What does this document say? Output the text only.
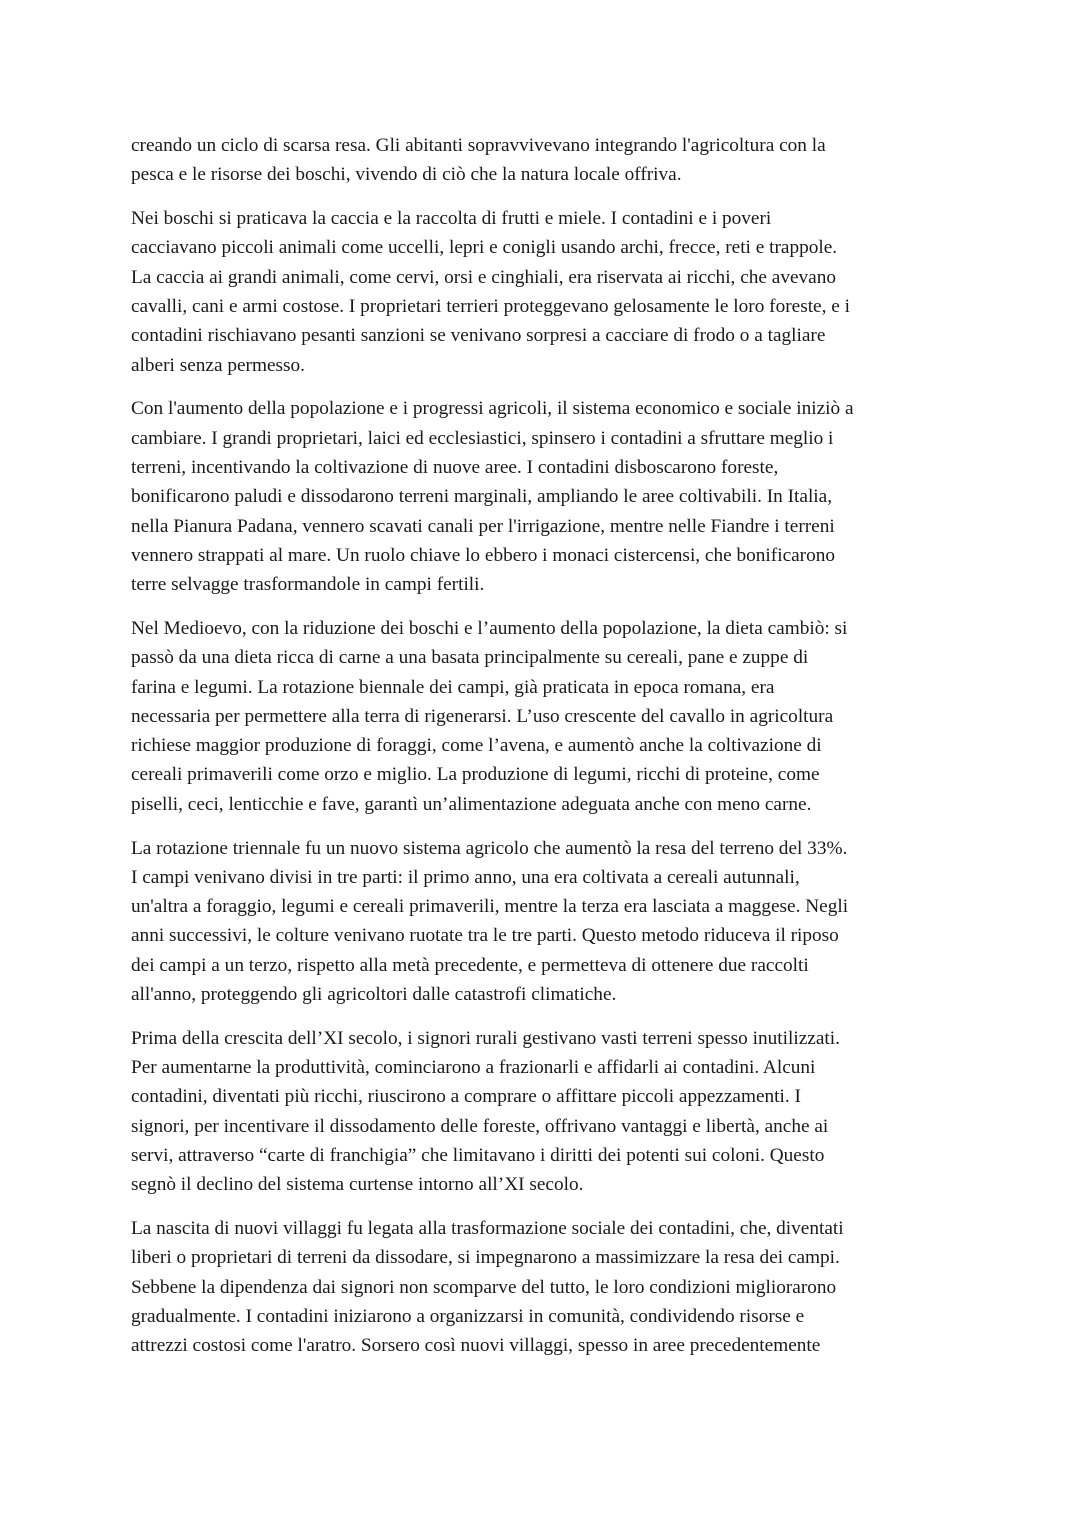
creando un ciclo di scarsa resa. Gli abitanti sopravvivevano integrando l'agricoltura con la
pesca e le risorse dei boschi, vivendo di ciò che la natura locale offriva.
Nei boschi si praticava la caccia e la raccolta di frutti e miele. I contadini e i poveri
cacciavano piccoli animali come uccelli, lepri e conigli usando archi, frecce, reti e trappole.
La caccia ai grandi animali, come cervi, orsi e cinghiali, era riservata ai ricchi, che avevano
cavalli, cani e armi costose. I proprietari terrieri proteggevano gelosamente le loro foreste, e i
contadini rischiavano pesanti sanzioni se venivano sorpresi a cacciare di frodo o a tagliare
alberi senza permesso.
Con l'aumento della popolazione e i progressi agricoli, il sistema economico e sociale iniziò a
cambiare. I grandi proprietari, laici ed ecclesiastici, spinsero i contadini a sfruttare meglio i
terreni, incentivando la coltivazione di nuove aree. I contadini disboscarono foreste,
bonificarono paludi e dissodarono terreni marginali, ampliando le aree coltivabili. In Italia,
nella Pianura Padana, vennero scavati canali per l'irrigazione, mentre nelle Fiandre i terreni
vennero strappati al mare. Un ruolo chiave lo ebbero i monaci cistercensi, che bonificarono
terre selvagge trasformandole in campi fertili.
Nel Medioevo, con la riduzione dei boschi e l’aumento della popolazione, la dieta cambiò: si
passò da una dieta ricca di carne a una basata principalmente su cereali, pane e zuppe di
farina e legumi. La rotazione biennale dei campi, già praticata in epoca romana, era
necessaria per permettere alla terra di rigenerarsi. L’uso crescente del cavallo in agricoltura
richiese maggior produzione di foraggi, come l’avena, e aumentò anche la coltivazione di
cereali primaverili come orzo e miglio. La produzione di legumi, ricchi di proteine, come
piselli, ceci, lenticchie e fave, garantì un’alimentazione adeguata anche con meno carne.
La rotazione triennale fu un nuovo sistema agricolo che aumentò la resa del terreno del 33%.
I campi venivano divisi in tre parti: il primo anno, una era coltivata a cereali autunnali,
un'altra a foraggio, legumi e cereali primaverili, mentre la terza era lasciata a maggese. Negli
anni successivi, le colture venivano ruotate tra le tre parti. Questo metodo riduceva il riposo
dei campi a un terzo, rispetto alla metà precedente, e permetteva di ottenere due raccolti
all'anno, proteggendo gli agricoltori dalle catastrofi climatiche.
Prima della crescita dell’XI secolo, i signori rurali gestivano vasti terreni spesso inutilizzati.
Per aumentarne la produttività, cominciarono a frazionarli e affidarli ai contadini. Alcuni
contadini, diventati più ricchi, riuscirono a comprare o affittare piccoli appezzamenti. I
signori, per incentivare il dissodamento delle foreste, offrivano vantaggi e libertà, anche ai
servi, attraverso “carte di franchigia” che limitavano i diritti dei potenti sui coloni. Questo
segnò il declino del sistema curtense intorno all’XI secolo.
La nascita di nuovi villaggi fu legata alla trasformazione sociale dei contadini, che, diventati
liberi o proprietari di terreni da dissodare, si impegnarono a massimizzare la resa dei campi.
Sebbene la dipendenza dai signori non scomparve del tutto, le loro condizioni migliorarono
gradualmente. I contadini iniziarono a organizzarsi in comunità, condividendo risorse e
attrezzi costosi come l'aratro. Sorsero così nuovi villaggi, spesso in aree precedentemente
